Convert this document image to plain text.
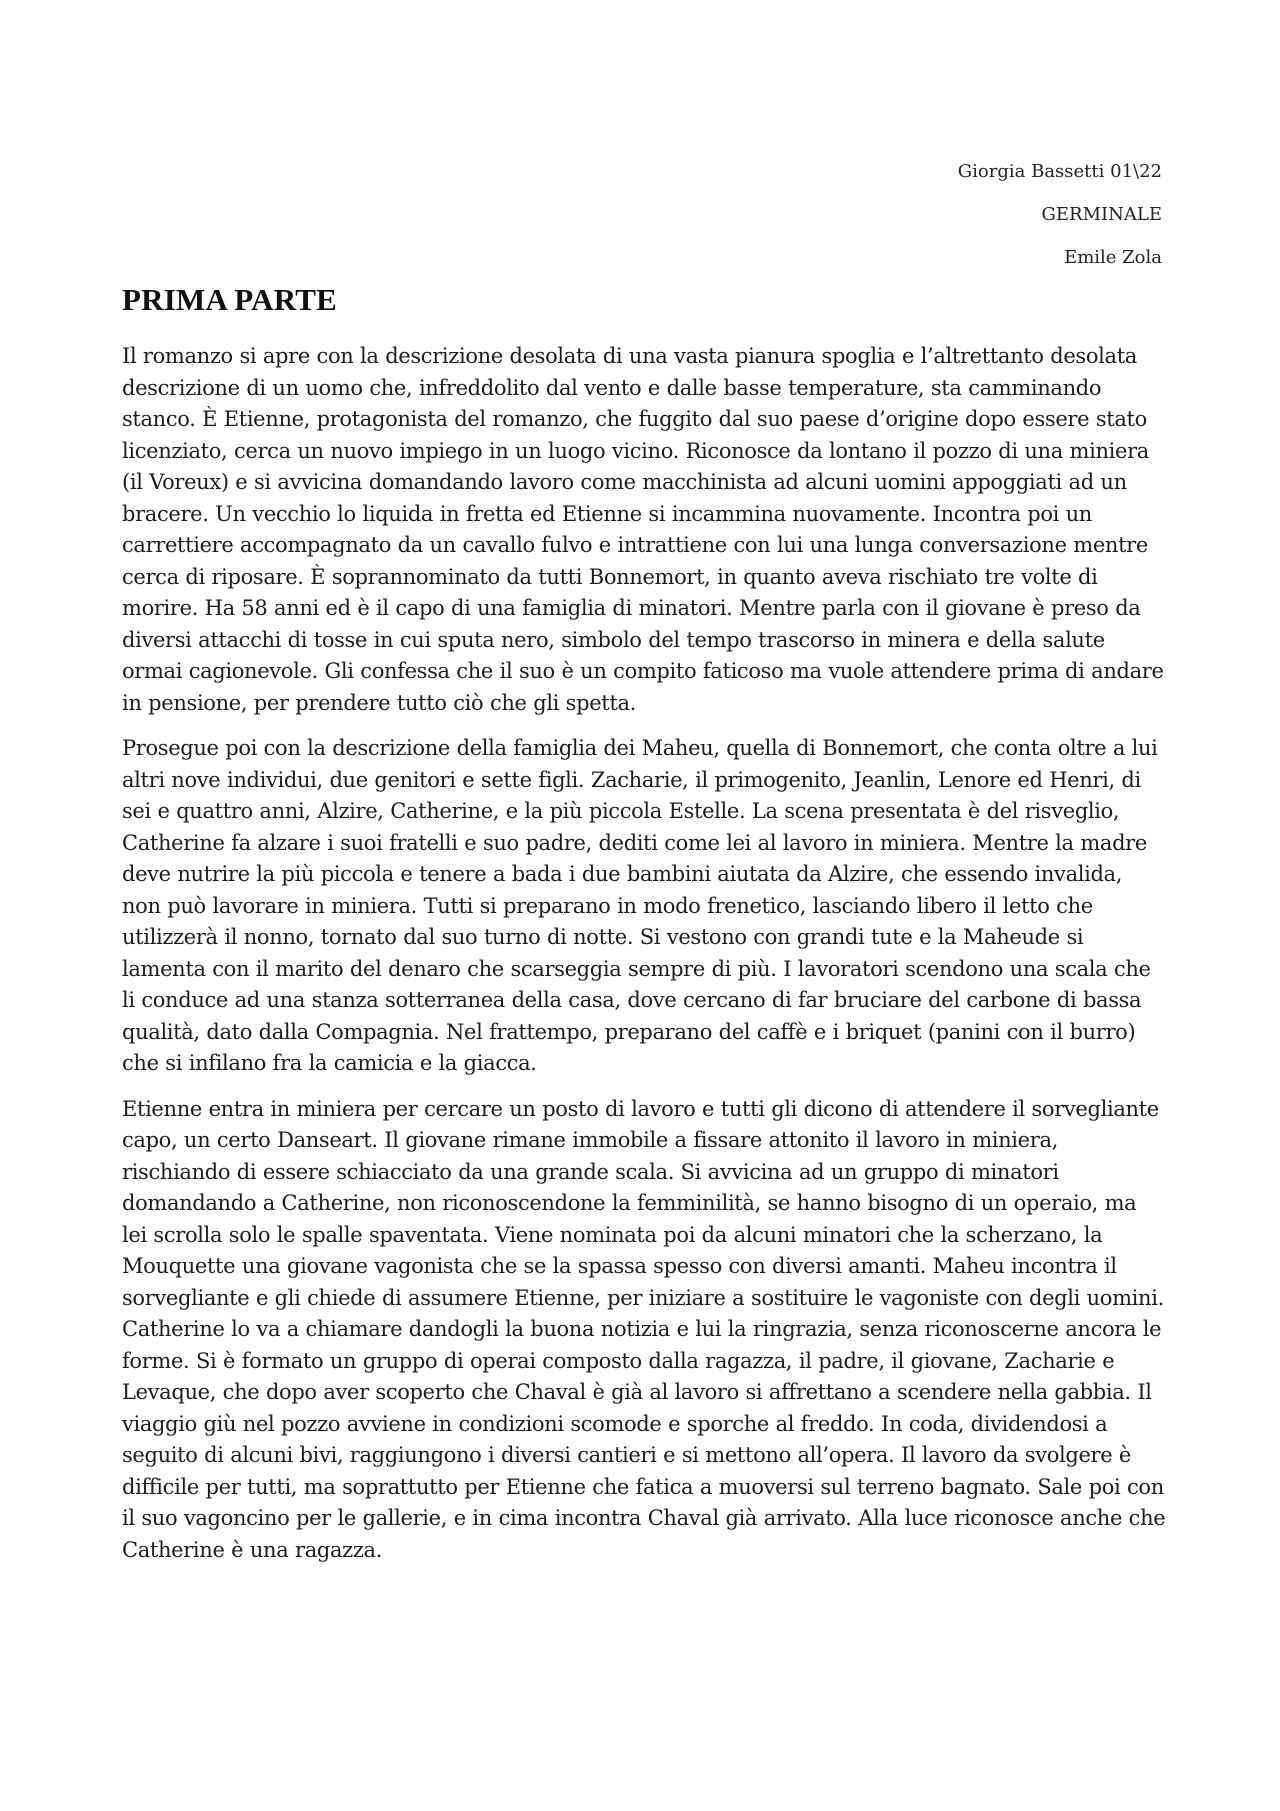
Giorgia Bassetti 01\22
GERMINALE
Emile Zola
PRIMA PARTE

Il romanzo si apre con la descrizione desolata di una vasta pianura spoglia e l’altrettanto desolata descrizione di un uomo che, infreddolito dal vento e dalle basse temperature, sta camminando stanco. È Etienne, protagonista del romanzo, che fuggito dal suo paese d’origine dopo essere stato licenziato, cerca un nuovo impiego in un luogo vicino. Riconosce da lontano il pozzo di una miniera (il Voreux) e si avvicina domandando lavoro come macchinista ad alcuni uomini appoggiati ad un bracere. Un vecchio lo liquida in fretta ed Etienne si incammina nuovamente. Incontra poi un carrettiere accompagnato da un cavallo fulvo e intrattiene con lui una lunga conversazione mentre cerca di riposare. È soprannominato da tutti Bonnemort, in quanto aveva rischiato tre volte di morire. Ha 58 anni ed è il capo di una famiglia di minatori. Mentre parla con il giovane è preso da diversi attacchi di tosse in cui sputa nero, simbolo del tempo trascorso in minera e della salute ormai cagionevole. Gli confessa che il suo è un compito faticoso ma vuole attendere prima di andare in pensione, per prendere tutto ciò che gli spetta.

Prosegue poi con la descrizione della famiglia dei Maheu, quella di Bonnemort, che conta oltre a lui altri nove individui, due genitori e sette figli. Zacharie, il primogenito, Jeanlin, Lenore ed Henri, di sei e quattro anni, Alzire, Catherine, e la più piccola Estelle. La scena presentata è del risveglio, Catherine fa alzare i suoi fratelli e suo padre, dediti come lei al lavoro in miniera. Mentre la madre deve nutrire la più piccola e tenere a bada i due bambini aiutata da Alzire, che essendo invalida, non può lavorare in miniera. Tutti si preparano in modo frenetico, lasciando libero il letto che utilizzerà il nonno, tornato dal suo turno di notte. Si vestono con grandi tute e la Maheude si lamenta con il marito del denaro che scarseggia sempre di più. I lavoratori scendono una scala che li conduce ad una stanza sotterranea della casa, dove cercano di far bruciare del carbone di bassa qualità, dato dalla Compagnia. Nel frattempo, preparano del caffè e i briquet (panini con il burro) che si infilano fra la camicia e la giacca.

Etienne entra in miniera per cercare un posto di lavoro e tutti gli dicono di attendere il sorvegliante capo, un certo Danseart. Il giovane rimane immobile a fissare attonito il lavoro in miniera, rischiando di essere schiacciato da una grande scala. Si avvicina ad un gruppo di minatori domandando a Catherine, non riconoscendone la femminilità, se hanno bisogno di un operaio, ma lei scrolla solo le spalle spaventata. Viene nominata poi da alcuni minatori che la scherzano, la Mouquette una giovane vagonista che se la spassa spesso con diversi amanti. Maheu incontra il sorvegliante e gli chiede di assumere Etienne, per iniziare a sostituire le vagoniste con degli uomini. Catherine lo va a chiamare dandogli la buona notizia e lui la ringrazia, senza riconoscerne ancora le forme. Si è formato un gruppo di operai composto dalla ragazza, il padre, il giovane, Zacharie e Levaque, che dopo aver scoperto che Chaval è già al lavoro si affrettano a scendere nella gabbia. Il viaggio giù nel pozzo avviene in condizioni scomode e sporche al freddo. In coda, dividendosi a seguito di alcuni bivi, raggiungono i diversi cantieri e si mettono all’opera. Il lavoro da svolgere è difficile per tutti, ma soprattutto per Etienne che fatica a muoversi sul terreno bagnato. Sale poi con il suo vagoncino per le gallerie, e in cima incontra Chaval già arrivato. Alla luce riconosce anche che Catherine è una ragazza.
